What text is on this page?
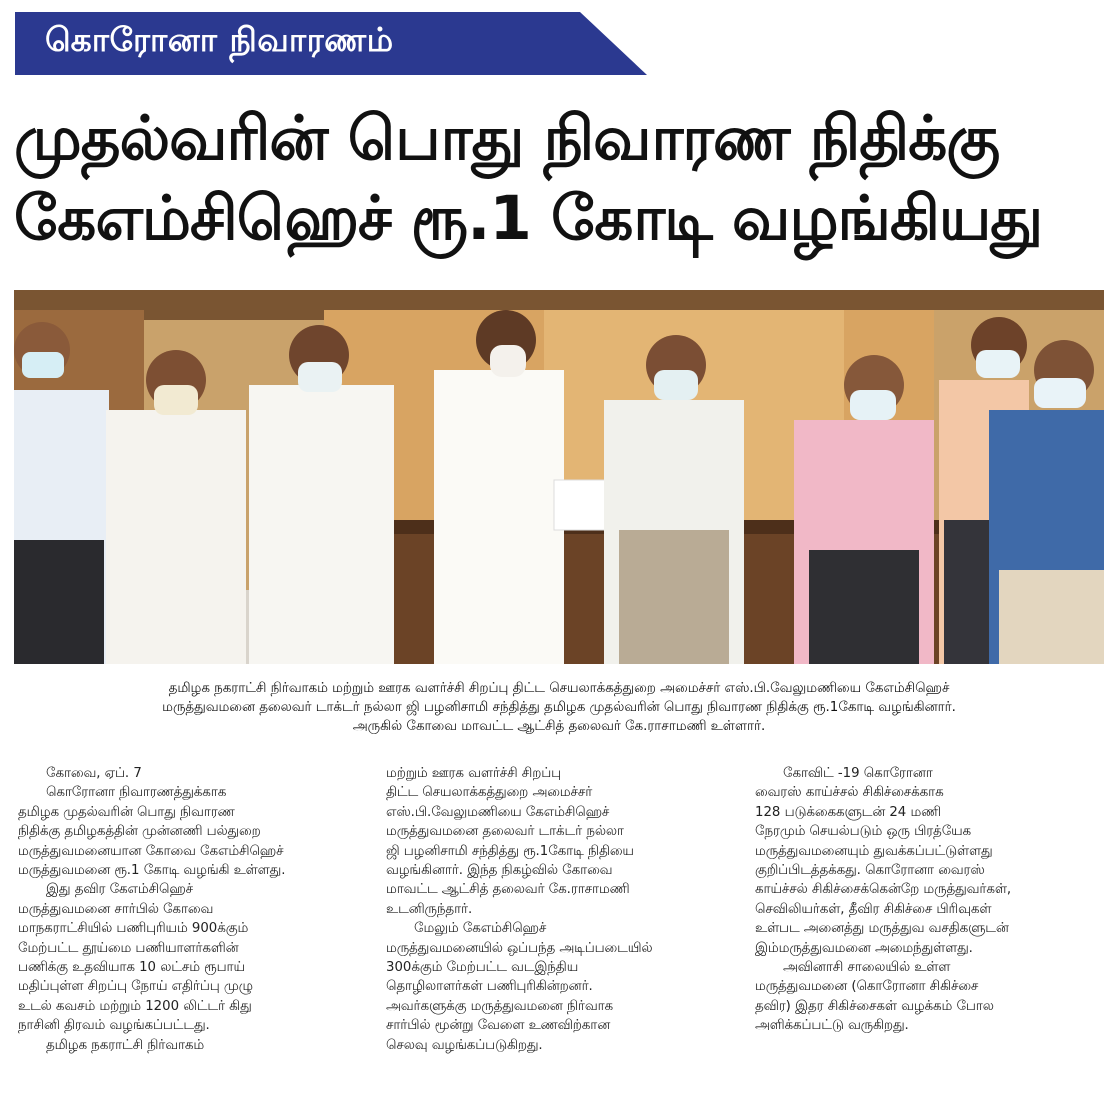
கொரோனா நிவாரணம்
முதல்வரின் பொது நிவாரண நிதிக்கு
கேஎம்சிஹெச் ரூ.1 கோடி வழங்கியது
தமிழக நகராட்சி நிர்வாகம் மற்றும் ஊரக வளர்ச்சி சிறப்பு திட்ட செயலாக்கத்துறை அமைச்சர் எஸ்.பி.வேலுமணியை கேஎம்சிஹெச்
மருத்துவமனை தலைவர் டாக்டர் நல்லா ஜி பழனிசாமி சந்தித்து தமிழக முதல்வரின் பொது நிவாரண நிதிக்கு ரூ.1கோடி வழங்கினார்.
அருகில் கோவை மாவட்ட ஆட்சித் தலைவர் கே.ராசாமணி உள்ளார்.
கோவை, ஏப். 7
கொரோனா நிவாரணத்துக்காக
தமிழக முதல்வரின் பொது நிவாரண
நிதிக்கு தமிழகத்தின் முன்னணி பல்துறை
மருத்துவமனையான கோவை கேஎம்சிஹெச்
மருத்துவமனை ரூ.1 கோடி வழங்கி உள்ளது.
இது தவிர கேஎம்சிஹெச்
மருத்துவமனை சார்பில் கோவை
மாநகராட்சியில் பணிபுரியம் 900க்கும்
மேற்பட்ட தூய்மை பணியாளர்களின்
பணிக்கு உதவியாக 10 லட்சம் ரூபாய்
மதிப்புள்ள சிறப்பு நோய் எதிர்ப்பு முழு
உடல் கவசம் மற்றும் 1200 லிட்டர் கிது
நாசினி திரவம் வழங்கப்பட்டது.
தமிழக நகராட்சி நிர்வாகம்
மற்றும் ஊரக வளர்ச்சி சிறப்பு
திட்ட செயலாக்கத்துறை அமைச்சர்
எஸ்.பி.வேலுமணியை கேஎம்சிஹெச்
மருத்துவமனை தலைவர் டாக்டர் நல்லா
ஜி பழனிசாமி சந்தித்து ரூ.1கோடி நிதியை
வழங்கினார். இந்த நிகழ்வில் கோவை
மாவட்ட ஆட்சித் தலைவர் கே.ராசாமணி
உடனிருந்தார்.
மேலும் கேஎம்சிஹெச்
மருத்துவமனையில் ஒப்பந்த அடிப்படையில்
300க்கும் மேற்பட்ட வடஇந்திய
தொழிலாளர்கள் பணிபுரிகின்றனர்.
அவர்களுக்கு மருத்துவமனை நிர்வாக
சார்பில் மூன்று வேளை உணவிற்கான
செலவு வழங்கப்படுகிறது.
கோவிட் -19 கொரோனா
வைரஸ் காய்ச்சல் சிகிச்சைக்காக
128 படுக்கைகளுடன் 24 மணி
நேரமும் செயல்படும் ஒரு பிரத்யேக
மருத்துவமனையும் துவக்கப்பட்டுள்ளது
குறிப்பிடத்தக்கது. கொரோனா வைரஸ்
காய்ச்சல் சிகிச்சைக்கென்றே மருத்துவர்கள்,
செவிலியர்கள், தீவிர சிகிச்சை பிரிவுகள்
உள்பட அனைத்து மருத்துவ வசதிகளுடன்
இம்மருத்துவமனை அமைந்துள்ளது.
அவினாசி சாலையில் உள்ள
மருத்துவமனை (கொரோனா சிகிச்சை
தவிர) இதர சிகிச்சைகள் வழக்கம் போல
அளிக்கப்பட்டு வருகிறது.
